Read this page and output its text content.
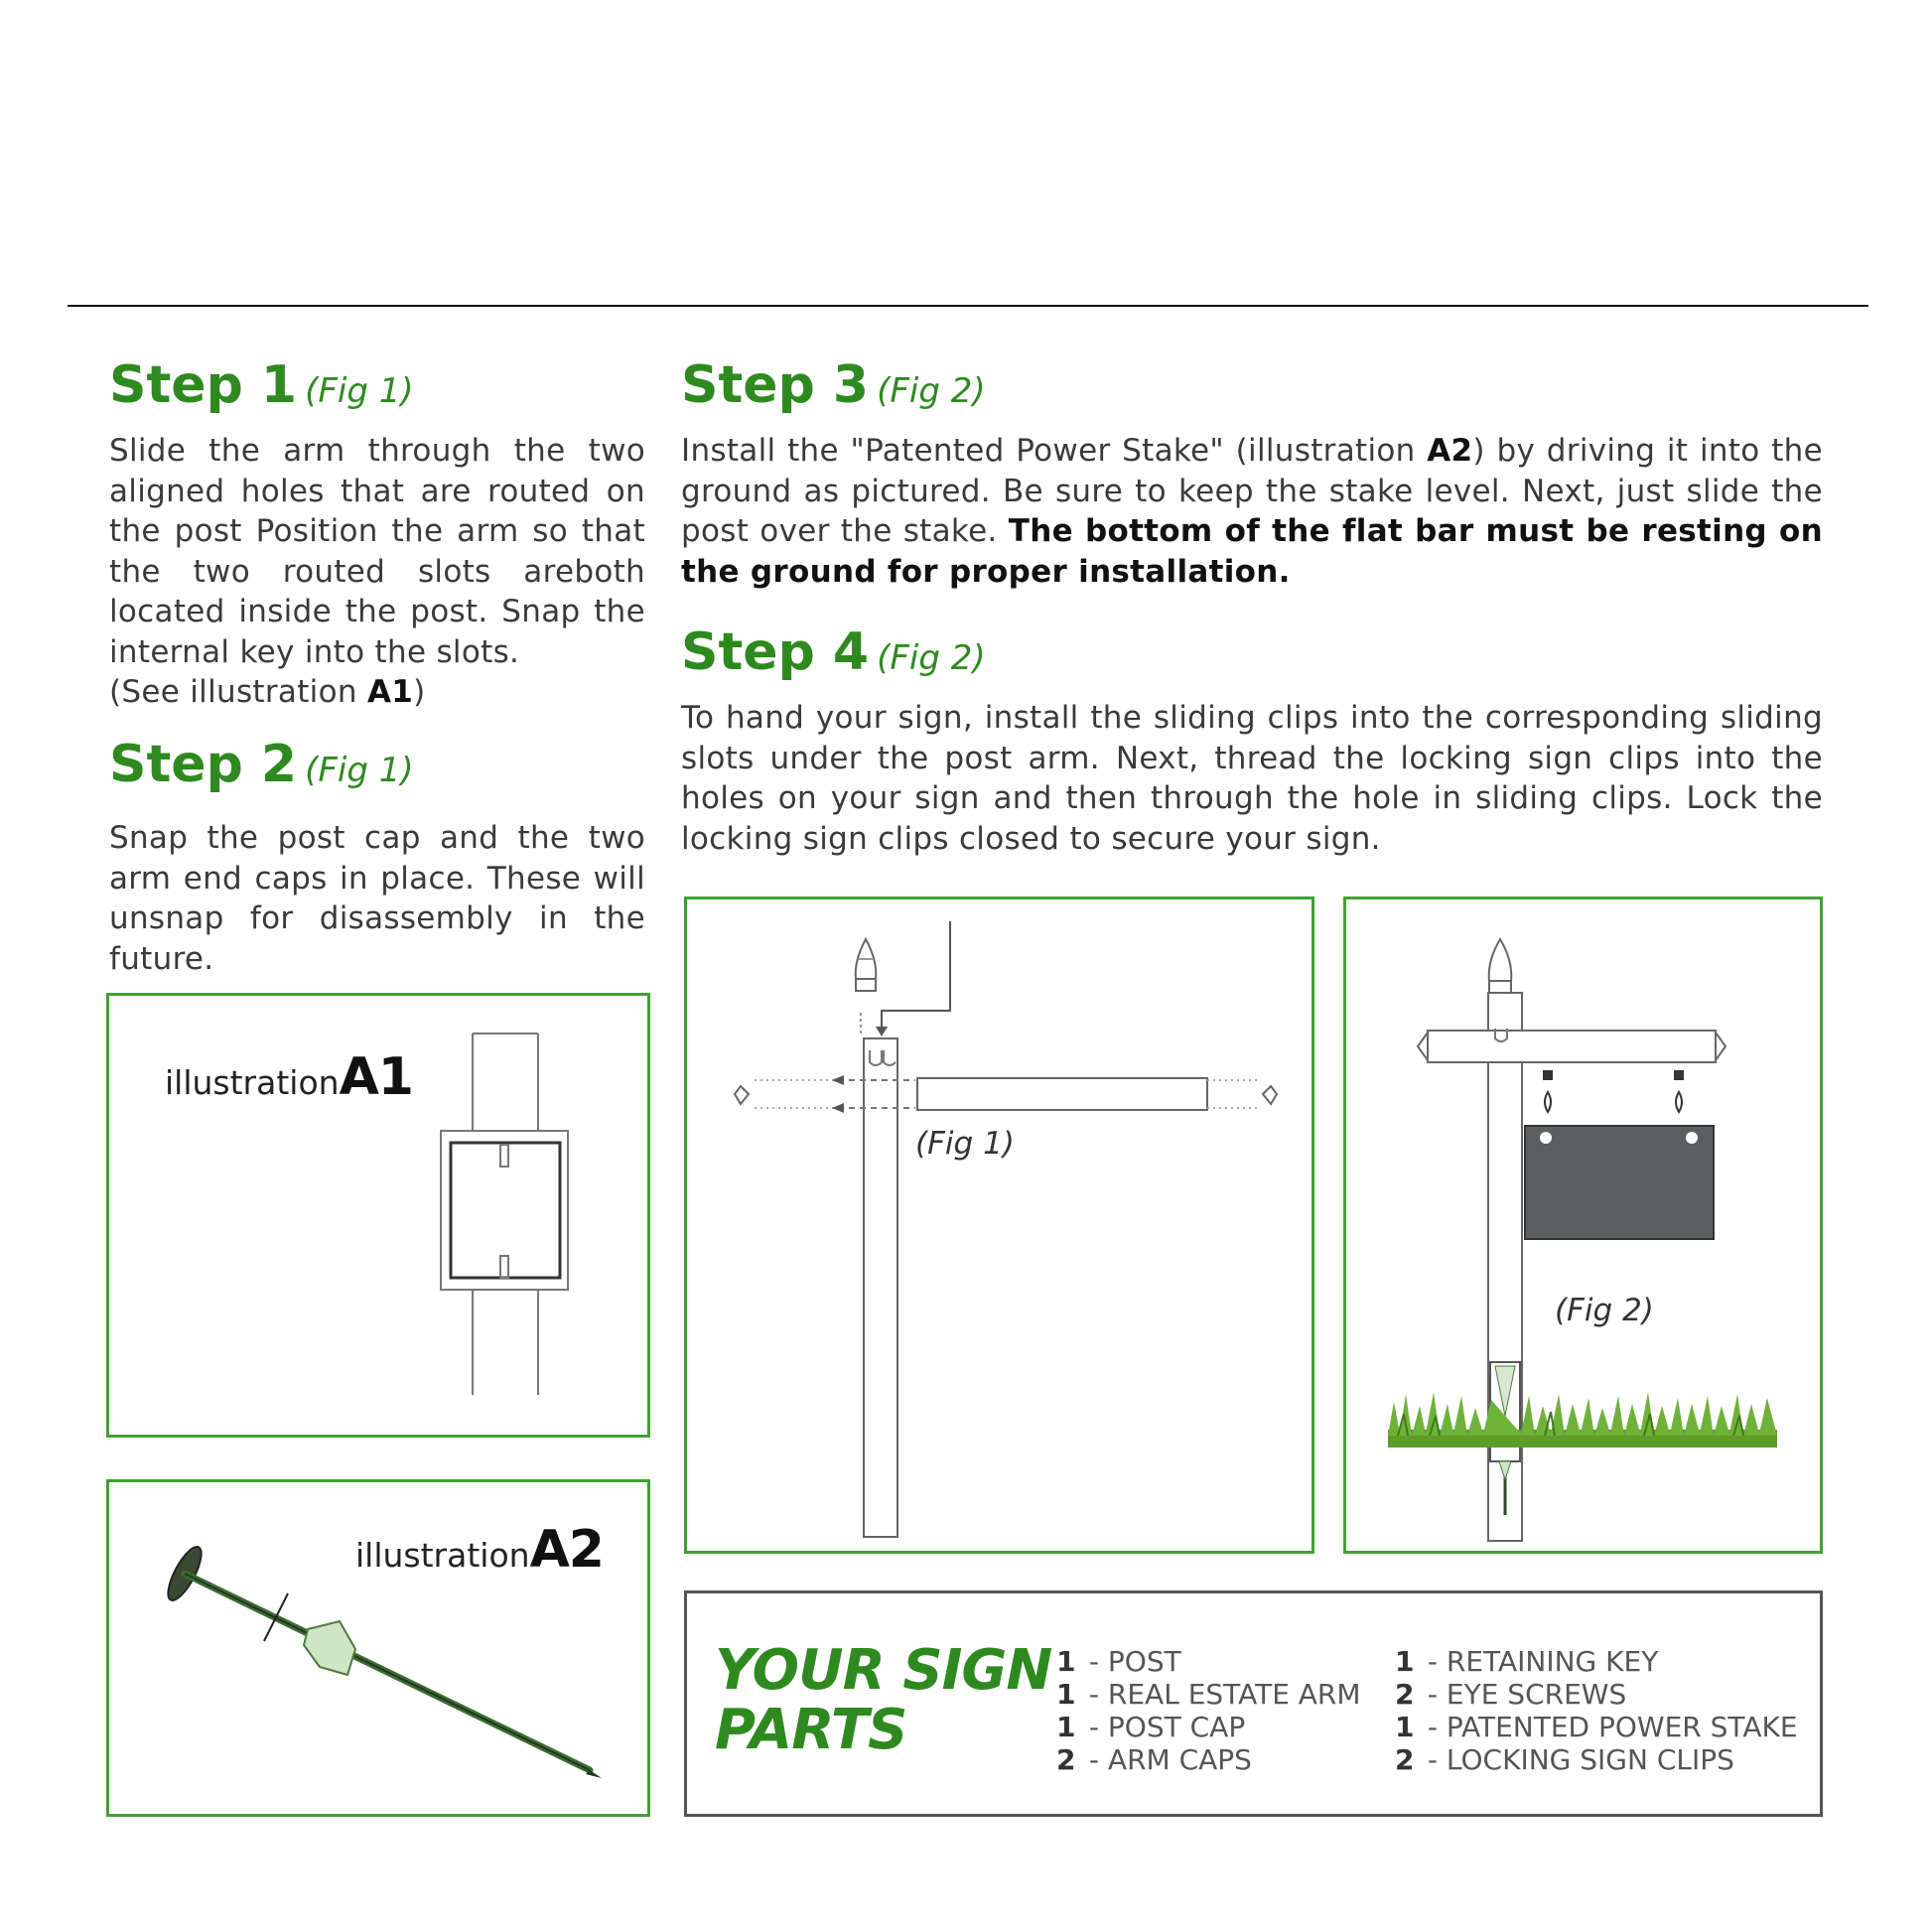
Step 1 (Fig 1)

Slide the arm through the two aligned holes that are routed on the post Position the arm so that the two routed slots areboth located inside the post. Snap the internal key into the slots.
(See illustration A1)

Step 2 (Fig 1)

Snap the post cap and the two arm end caps in place. These will unsnap for disassembly in the future.

Step 3 (Fig 2)

Install the "Patented Power Stake" (illustration A2) by driving it into the ground as pictured. Be sure to keep the stake level. Next, just slide the post over the stake. The bottom of the flat bar must be resting on the ground for proper installation.

Step 4 (Fig 2)

To hand your sign, install the sliding clips into the corresponding sliding slots under the post arm. Next, thread the locking sign clips into the holes on your sign and then through the hole in sliding clips. Lock the locking sign clips closed to secure your sign.

illustrationA1
illustrationA2
(Fig 1)
(Fig 2)
YOUR SIGN
PARTS
1 - POST
1 - REAL ESTATE ARM
1 - POST CAP
2 - ARM CAPS
1 - RETAINING KEY
2 - EYE SCREWS
1 - PATENTED POWER STAKE
2 - LOCKING SIGN CLIPS
